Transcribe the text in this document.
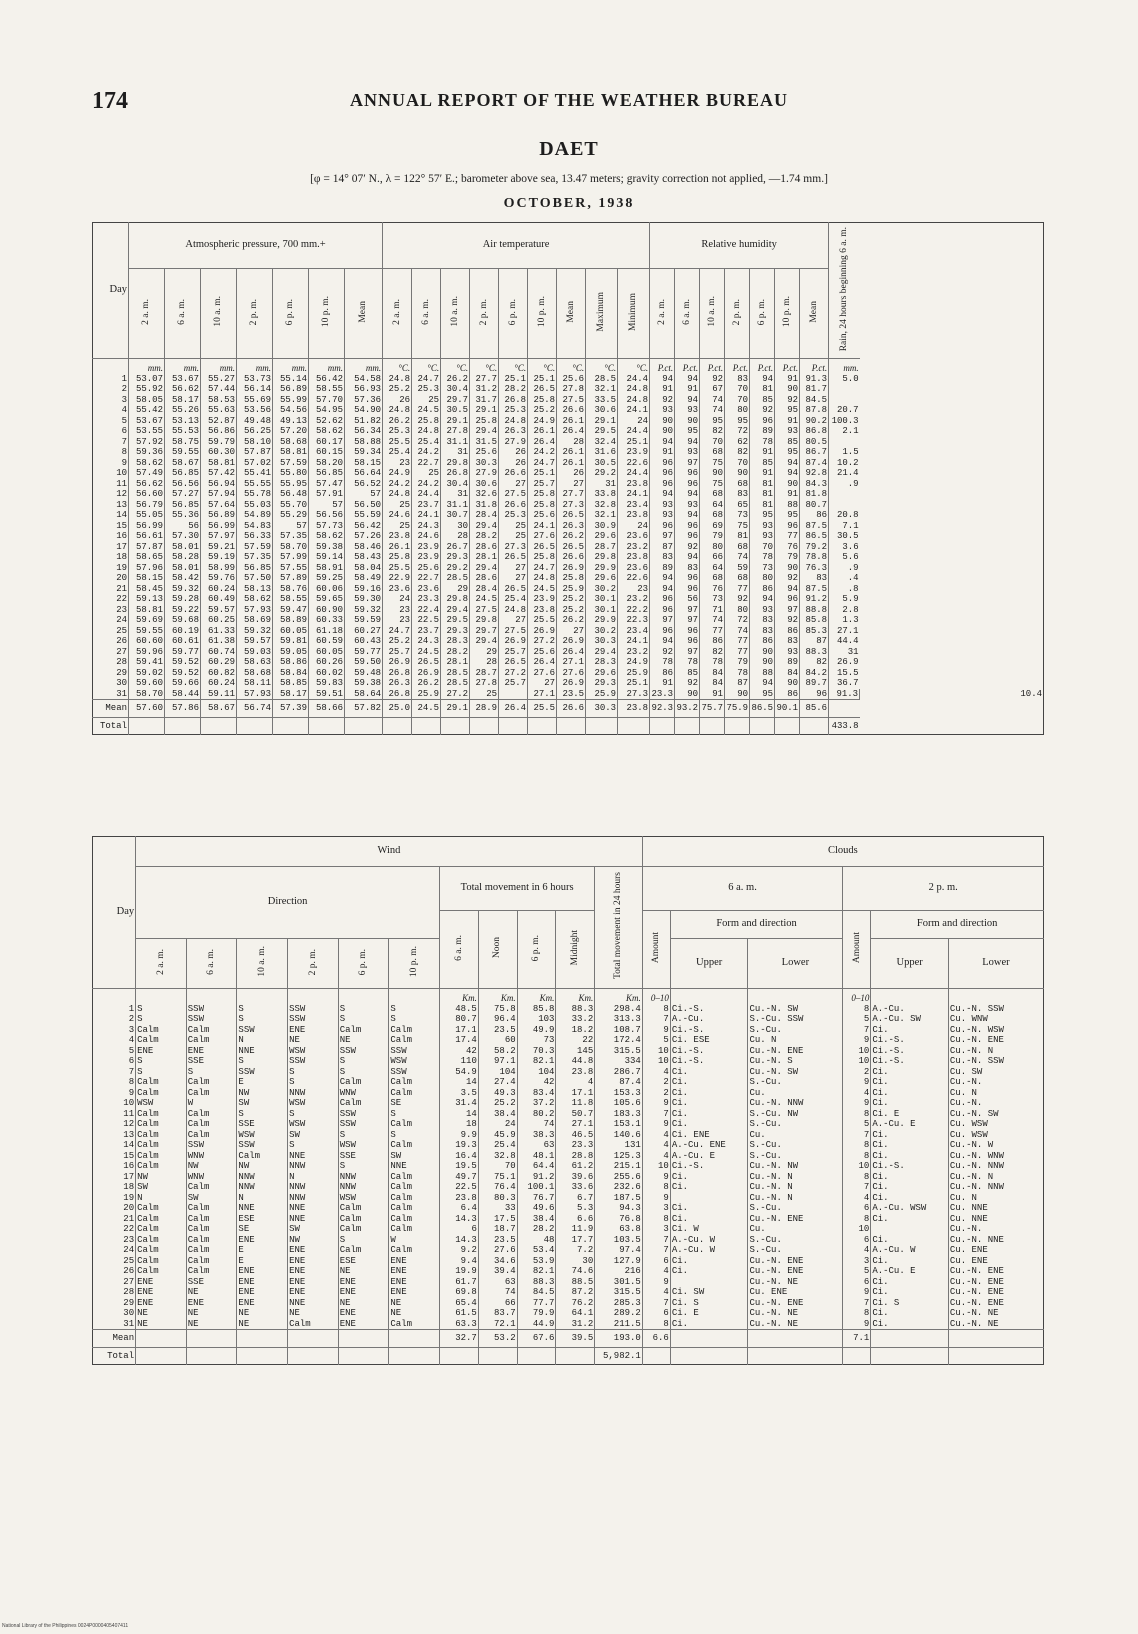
174	ANNUAL REPORT OF THE WEATHER BUREAU
DAET
[φ = 14° 07′ N., λ = 122° 57′ E.; barometer above sea, 13.47 meters; gravity correction not applied, —1.74 mm.]
OCTOBER, 1938
Day	Atmospheric pressure, 700 mm.+							Air temperature									Relative humidity							Rain, 24 hours beginning 6 a. m.	
	2 a. m.	6 a. m.	10 a. m.	2 p. m.	6 p. m.	10 p. m.	Mean	2 a. m.	6 a. m.	10 a. m.	2 p. m.	6 p. m.	10 p. m.	Mean	Maximum	Minimum	2 a. m.	6 a. m.	10 a. m.	2 p. m.	6 p. m.	10 p. m.	Mean		
	mm.	mm.	mm.	mm.	mm.	mm.	mm.	°C.	°C.	°C.	°C.	°C.	°C.	°C.	°C.	°C.	P.ct.	P.ct.	P.ct.	P.ct.	P.ct.	P.ct.	P.ct.	mm.	
1	53.07	53.67	55.27	53.73	55.14	56.42	54.58	24.8	24.7	26.2	27.7	25.1	25.1	25.6	28.5	24.4	94	94	92	83	94	91	91.3	5.0	
2	55.92	56.62	57.44	56.14	56.89	58.55	56.93	25.2	25.3	30.4	31.2	28.2	26.5	27.8	32.1	24.8	91	91	67	70	81	90	81.7		
3	58.05	58.17	58.53	55.69	55.99	57.70	57.36	26	25	29.7	31.7	26.8	25.8	27.5	33.5	24.8	92	94	74	70	85	92	84.5		
4	55.42	55.26	55.63	53.56	54.56	54.95	54.90	24.8	24.5	30.5	29.1	25.3	25.2	26.6	30.6	24.1	93	93	74	80	92	95	87.8	20.7	
5	53.67	53.13	52.87	49.48	49.13	52.62	51.82	26.2	25.8	29.1	25.8	24.8	24.9	26.1	29.1	24	90	90	95	95	96	91	90.2	100.3	
6	53.55	55.53	56.86	56.25	57.20	58.62	56.34	25.3	24.8	27.8	29.4	26.3	26.1	26.4	29.5	24.4	90	95	82	72	89	93	86.8	2.1	
7	57.92	58.75	59.79	58.10	58.68	60.17	58.88	25.5	25.4	31.1	31.5	27.9	26.4	28	32.4	25.1	94	94	70	62	78	85	80.5		
8	59.36	59.55	60.30	57.87	58.81	60.15	59.34	25.4	24.2	31	25.6	26	24.2	26.1	31.6	23.9	91	93	68	82	91	95	86.7	1.5	
9	58.62	58.67	58.81	57.02	57.59	58.20	58.15	23	22.7	29.8	30.3	26	24.7	26.1	30.5	22.6	96	97	75	70	85	94	87.4	10.2	
10	57.49	56.85	57.42	55.41	55.80	56.85	56.64	24.9	25	26.8	27.9	26.6	25.1	26	29.2	24.4	96	96	90	90	91	94	92.8	21.4	
11	56.62	56.56	56.94	55.55	55.95	57.47	56.52	24.2	24.2	30.4	30.6	27	25.7	27	31	23.8	96	96	75	68	81	90	84.3	.9	
12	56.60	57.27	57.94	55.78	56.48	57.91	57	24.8	24.4	31	32.6	27.5	25.8	27.7	33.8	24.1	94	94	68	83	81	91	81.8		
13	56.79	56.85	57.64	55.03	55.70	57	56.50	25	23.7	31.1	31.8	26.6	25.8	27.3	32.8	23.4	93	93	64	65	81	88	80.7		
14	55.05	55.36	56.89	54.89	55.29	56.56	55.59	24.6	24.1	30.7	28.4	25.3	25.6	26.5	32.1	23.8	93	94	68	73	95	95	86	20.8	
15	56.99	56	56.99	54.83	57	57.73	56.42	25	24.3	30	29.4	25	24.1	26.3	30.9	24	96	96	69	75	93	96	87.5	7.1	
16	56.61	57.30	57.97	56.33	57.35	58.62	57.26	23.8	24.6	28	28.2	25	27.6	26.2	29.6	23.6	97	96	79	81	93	77	86.5	30.5	
17	57.87	58.01	59.21	57.59	58.70	59.38	58.46	26.1	23.9	26.7	28.6	27.3	26.5	26.5	28.7	23.2	87	92	80	68	70	76	79.2	3.6	
18	58.65	58.28	59.19	57.35	57.99	59.14	58.43	25.8	23.9	29.3	28.1	26.5	25.8	26.6	29.8	23.8	83	94	66	74	78	79	78.8	5.6	
19	57.96	58.01	58.99	56.85	57.55	58.91	58.04	25.5	25.6	29.2	29.4	27	24.7	26.9	29.9	23.6	89	83	64	59	73	90	76.3	.9	
20	58.15	58.42	59.76	57.50	57.89	59.25	58.49	22.9	22.7	28.5	28.6	27	24.8	25.8	29.6	22.6	94	96	68	68	80	92	83	.4	
21	58.45	59.32	60.24	58.13	58.76	60.06	59.16	23.6	23.6	29	28.4	26.5	24.5	25.9	30.2	23	94	96	76	77	86	94	87.5	.8	
22	59.13	59.28	60.49	58.62	58.55	59.65	59.30	24	23.3	29.8	24.5	25.4	23.9	25.2	30.1	23.2	96	56	73	92	94	96	91.2	5.9	
23	58.81	59.22	59.57	57.93	59.47	60.90	59.32	23	22.4	29.4	27.5	24.8	23.8	25.2	30.1	22.2	96	97	71	80	93	97	88.8	2.8	
24	59.69	59.68	60.25	58.69	58.89	60.33	59.59	23	22.5	29.5	29.8	27	25.5	26.2	29.9	22.3	97	97	74	72	83	92	85.8	1.3	
25	59.55	60.19	61.33	59.32	60.05	61.18	60.27	24.7	23.7	29.3	29.7	27.5	26.9	27	30.2	23.4	96	96	77	74	83	86	85.3	27.1	
26	60.60	60.61	61.38	59.57	59.81	60.59	60.43	25.2	24.3	28.3	29.4	26.9	27.2	26.9	30.3	24.1	94	96	86	77	86	83	87	44.4	
27	59.96	59.77	60.74	59.03	59.05	60.05	59.77	25.7	24.5	28.2	29	25.7	25.6	26.4	29.4	23.2	92	97	82	77	90	93	88.3	31	
28	59.41	59.52	60.29	58.63	58.86	60.26	59.50	26.9	26.5	28.1	28	26.5	26.4	27.1	28.3	24.9	78	78	78	79	90	89	82	26.9	
29	59.02	59.52	60.82	58.68	58.84	60.02	59.48	26.8	26.9	28.5	28.7	27.2	27.6	27.6	29.6	25.9	86	85	84	78	88	84	84.2	15.5	
30	59.60	59.66	60.24	58.11	58.85	59.83	59.38	26.3	26.2	28.5	27.8	25.7	27	26.9	29.3	25.1	91	92	84	87	94	90	89.7	36.7	
31	58.70	58.44	59.11	57.93	58.17	59.51	58.64	26.8	25.9	27.2	25		27.1	23.5	25.9	27.3	23.3	90	91	90	95	86	96	91.3	10.4
Mean	57.60	57.86	58.67	56.74	57.39	58.66	57.82	25.0	24.5	29.1	28.9	26.4	25.5	26.6	30.3	23.8	92.3	93.2	75.7	75.9	86.5	90.1	85.6		
Total																								433.8	
Day	Wind											Clouds					
	Direction						Total movement in 6 hours				Total movement in 24 hours	6 a. m.			2 p. m.		
							6 a. m.	Noon	6 p. m.	Midnight		Amount	Form and direction		Amount	Form and direction	
	2 a. m.	6 a. m.	10 a. m.	2 p. m.	6 p. m.	10 p. m.							Upper	Lower		Upper	Lower
							Km.	Km.	Km.	Km.	Km.	0–10			0–10		
1	S	SSW	S	SSW	S	S	48.5	75.8	85.8	88.3	298.4	8	Ci.-S.	Cu.-N. SW	8	A.-Cu.	Cu.-N. SSW
2	S	SSW	S	SSW	S	S	80.7	96.4	103	33.2	313.3	7	A.-Cu.	S.-Cu. SSW	5	A.-Cu. SW	Cu. WNW
3	Calm	Calm	SSW	ENE	Calm	Calm	17.1	23.5	49.9	18.2	108.7	9	Ci.-S.	S.-Cu.	7	Ci.	Cu.-N. WSW
4	Calm	Calm	N	NE	NE	Calm	17.4	60	73	22	172.4	5	Ci. ESE	Cu. N	9	Ci.-S.	Cu.-N. ENE
5	ENE	ENE	NNE	WSW	SSW	SSW	42	58.2	70.3	145	315.5	10	Ci.-S.	Cu.-N. ENE	10	Ci.-S.	Cu.-N. N
6	S	SSE	S	SSW	S	WSW	110	97.1	82.1	44.8	334	10	Ci.-S.	Cu.-N. S	10	Ci.-S.	Cu.-N. SSW
7	S	S	SSW	S	S	SSW	54.9	104	104	23.8	286.7	4	Ci.	Cu.-N. SW	2	Ci.	Cu. SW
8	Calm	Calm	E	S	Calm	Calm	14	27.4	42	4	87.4	2	Ci.	S.-Cu.	9	Ci.	Cu.-N.
9	Calm	Calm	NW	NNW	WNW	Calm	3.5	49.3	83.4	17.1	153.3	2	Ci.	Cu.	4	Ci.	Cu. N
10	WSW	W	SW	WSW	Calm	SE	31.4	25.2	37.2	11.8	105.6	9	Ci.	Cu.-N. NNW	9	Ci.	Cu.-N.
11	Calm	Calm	S	S	SSW	S	14	38.4	80.2	50.7	183.3	7	Ci.	S.-Cu. NW	8	Ci. E	Cu.-N. SW
12	Calm	Calm	SSE	WSW	SSW	Calm	18	24	74	27.1	153.1	9	Ci.	S.-Cu.	5	A.-Cu. E	Cu. WSW
13	Calm	Calm	WSW	SW	S	S	9.9	45.9	38.3	46.5	140.6	4	Ci. ENE	Cu.	7	Ci.	Cu. WSW
14	Calm	SSW	SSW	S	WSW	Calm	19.3	25.4	63	23.3	131	4	A.-Cu. ENE	S.-Cu.	8	Ci.	Cu.-N. W
15	Calm	WNW	Calm	NNE	SSE	SW	16.4	32.8	48.1	28.8	125.3	4	A.-Cu. E	S.-Cu.	8	Ci.	Cu.-N. WNW
16	Calm	NW	NW	NNW	S	NNE	19.5	70	64.4	61.2	215.1	10	Ci.-S.	Cu.-N. NW	10	Ci.-S.	Cu.-N. NNW
17	NW	WNW	NNW	N	NNW	Calm	49.7	75.1	91.2	39.6	255.6	9	Ci.	Cu.-N. N	8	Ci.	Cu.-N. N
18	SW	Calm	NNW	NNW	NNW	Calm	22.5	76.4	100.1	33.6	232.6	8	Ci.	Cu.-N. N	7	Ci.	Cu.-N. NNW
19	N	SW	N	NNW	WSW	Calm	23.8	80.3	76.7	6.7	187.5	9		Cu.-N. N	4	Ci.	Cu. N
20	Calm	Calm	NNE	NNE	Calm	Calm	6.4	33	49.6	5.3	94.3	3	Ci.	S.-Cu.	6	A.-Cu. WSW	Cu. NNE
21	Calm	Calm	ESE	NNE	Calm	Calm	14.3	17.5	38.4	6.6	76.8	8	Ci.	Cu.-N. ENE	8	Ci.	Cu. NNE
22	Calm	Calm	SE	SW	Calm	Calm	6	18.7	28.2	11.9	63.8	3	Ci. W	Cu.	10		Cu.-N.
23	Calm	Calm	ENE	NW	S	W	14.3	23.5	48	17.7	103.5	7	A.-Cu. W	S.-Cu.	6	Ci.	Cu.-N. NNE
24	Calm	Calm	E	ENE	Calm	Calm	9.2	27.6	53.4	7.2	97.4	7	A.-Cu. W	S.-Cu.	4	A.-Cu. W	Cu. ENE
25	Calm	Calm	E	ENE	ESE	ENE	9.4	34.6	53.9	30	127.9	6	Ci.	Cu.-N. ENE	3	Ci.	Cu. ENE
26	Calm	Calm	ENE	ENE	NE	ENE	19.9	39.4	82.1	74.6	216	4	Ci.	Cu.-N. ENE	5	A.-Cu. E	Cu.-N. ENE
27	ENE	SSE	ENE	ENE	ENE	ENE	61.7	63	88.3	88.5	301.5	9		Cu.-N. NE	6	Ci.	Cu.-N. ENE
28	ENE	NE	ENE	ENE	ENE	ENE	69.8	74	84.5	87.2	315.5	4	Ci. SW	Cu. ENE	9	Ci.	Cu.-N. ENE
29	ENE	ENE	ENE	NNE	NE	NE	65.4	66	77.7	76.2	285.3	7	Ci. S	Cu.-N. ENE	7	Ci. S	Cu.-N. ENE
30	NE	NE	NE	NE	ENE	NE	61.5	83.7	79.9	64.1	289.2	6	Ci. E	Cu.-N. NE	8	Ci.	Cu.-N. NE
31	NE	NE	NE	Calm	ENE	Calm	63.3	72.1	44.9	31.2	211.5	8	Ci.	Cu.-N. NE	9	Ci.	Cu.-N. NE
Mean							32.7	53.2	67.6	39.5	193.0	6.6			7.1		
Total											5,982.1						
National Library of the Philippines 0024P0000405407411
